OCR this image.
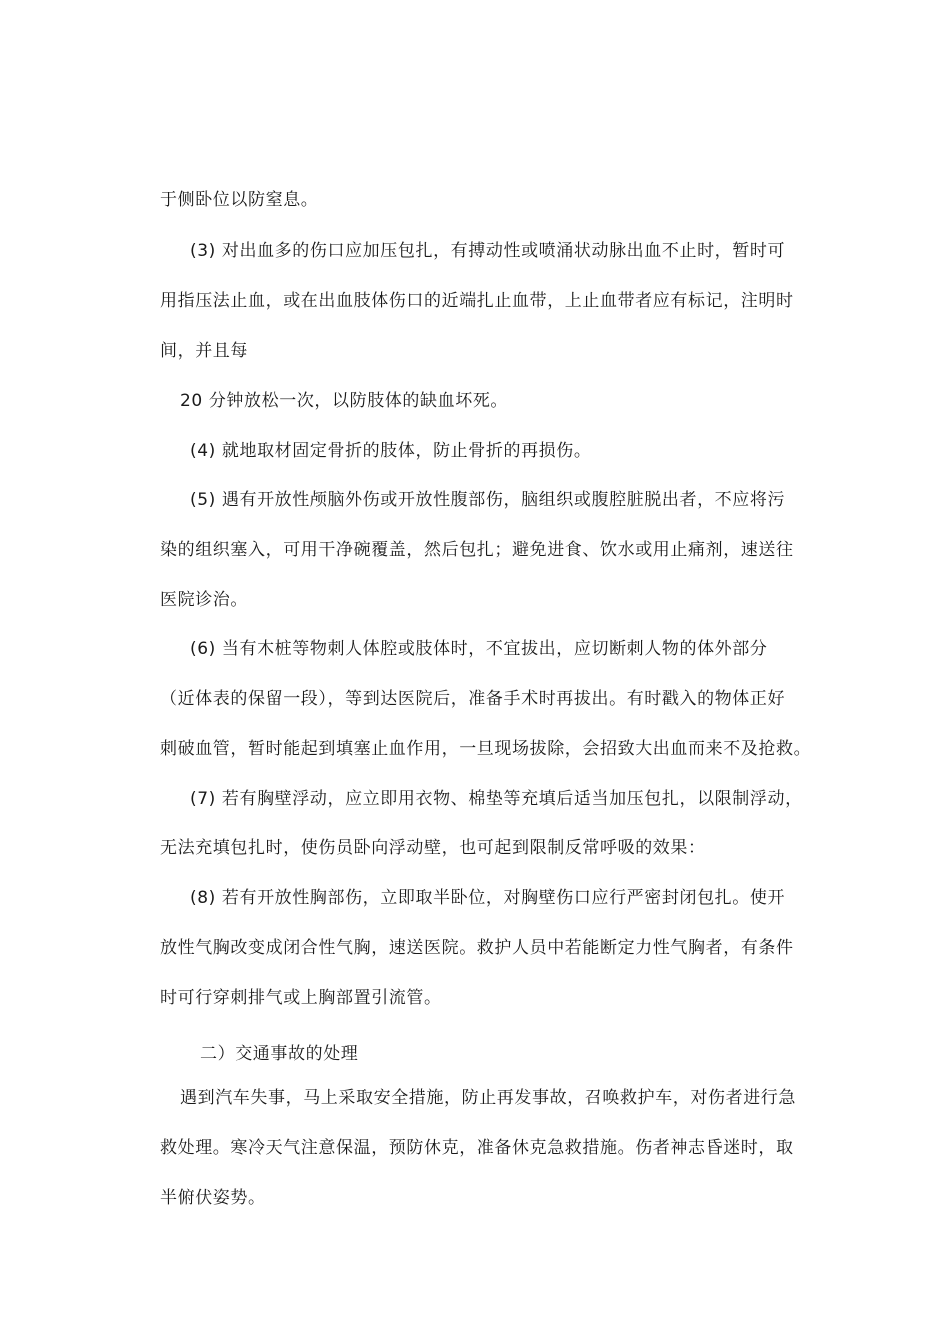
于侧卧位以防窒息。
(3) 对出血多的伤口应加压包扎，有搏动性或喷涌状动脉出血不止时，暂时可
用指压法止血，或在出血肢体伤口的近端扎止血带，上止血带者应有标记，注明时
间，并且每
20 分钟放松一次，以防肢体的缺血坏死。
(4) 就地取材固定骨折的肢体，防止骨折的再损伤。
(5) 遇有开放性颅脑外伤或开放性腹部伤，脑组织或腹腔脏脱出者，不应将污
染的组织塞入，可用干净碗覆盖，然后包扎；避免进食、饮水或用止痛剂，速送往
医院诊治。
(6) 当有木桩等物刺人体腔或肢体时，不宜拔出，应切断刺人物的体外部分
（近体表的保留一段），等到达医院后，准备手术时再拔出。有时戳入的物体正好
刺破血管，暂时能起到填塞止血作用，一旦现场拔除，会招致大出血而来不及抢救。
(7) 若有胸壁浮动，应立即用衣物、棉垫等充填后适当加压包扎，以限制浮动，
无法充填包扎时，使伤员卧向浮动壁，也可起到限制反常呼吸的效果：
(8) 若有开放性胸部伤，立即取半卧位，对胸壁伤口应行严密封闭包扎。使开
放性气胸改变成闭合性气胸，速送医院。救护人员中若能断定力性气胸者，有条件
时可行穿刺排气或上胸部置引流管。
二）交通事故的处理
遇到汽车失事，马上采取安全措施，防止再发事故，召唤救护车，对伤者进行急
救处理。寒冷天气注意保温，预防休克，准备休克急救措施。伤者神志昏迷时，取
半俯伏姿势。
